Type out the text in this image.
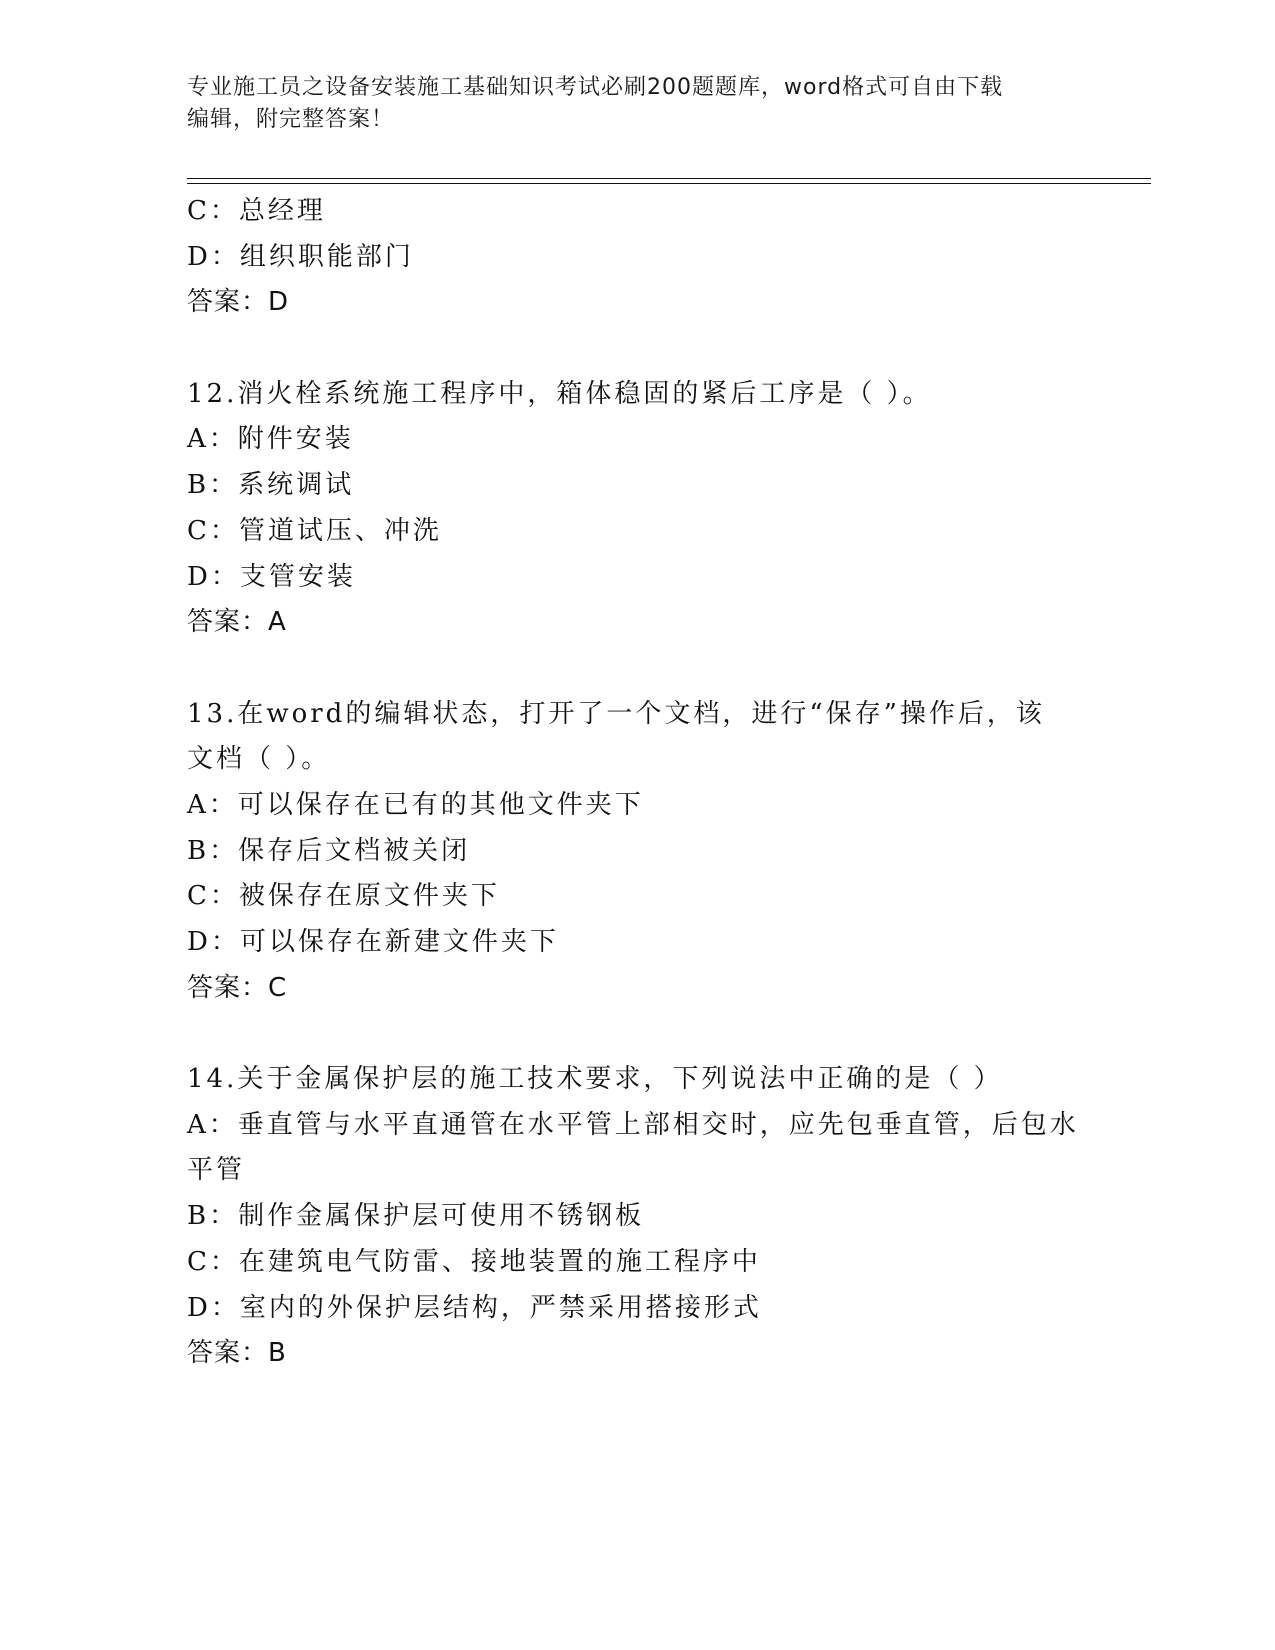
专业施工员之设备安装施工基础知识考试必刷200题题库，word格式可自由下载
编辑，附完整答案！
C：总经理
D：组织职能部门
答案：D
12.消火栓系统施工程序中，箱体稳固的紧后工序是（ ）。
A：附件安装
B：系统调试
C：管道试压、冲洗
D：支管安装
答案：A
13.在word的编辑状态，打开了一个文档，进行“保存”操作后，该
文档（ ）。
A：可以保存在已有的其他文件夹下
B：保存后文档被关闭
C：被保存在原文件夹下
D：可以保存在新建文件夹下
答案：C
14.关于金属保护层的施工技术要求，下列说法中正确的是（ ）
A：垂直管与水平直通管在水平管上部相交时，应先包垂直管，后包水
平管
B：制作金属保护层可使用不锈钢板
C：在建筑电气防雷、接地装置的施工程序中
D：室内的外保护层结构，严禁采用搭接形式
答案：B
